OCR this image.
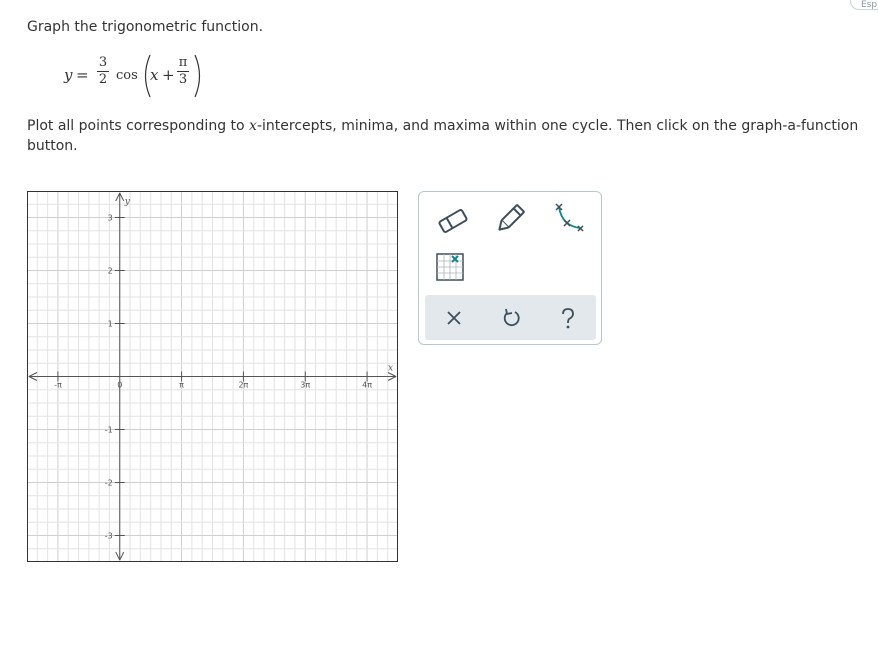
Esp
Graph the trigonometric function.
y =
3
2 cos x +
π
3
Plot all points corresponding to x-intercepts, minima, and maxima within one cycle. Then click on the graph-a-function button.
x
y
-π	0	π	2π	3π	4π
3
2
1
-1
-2
-3
